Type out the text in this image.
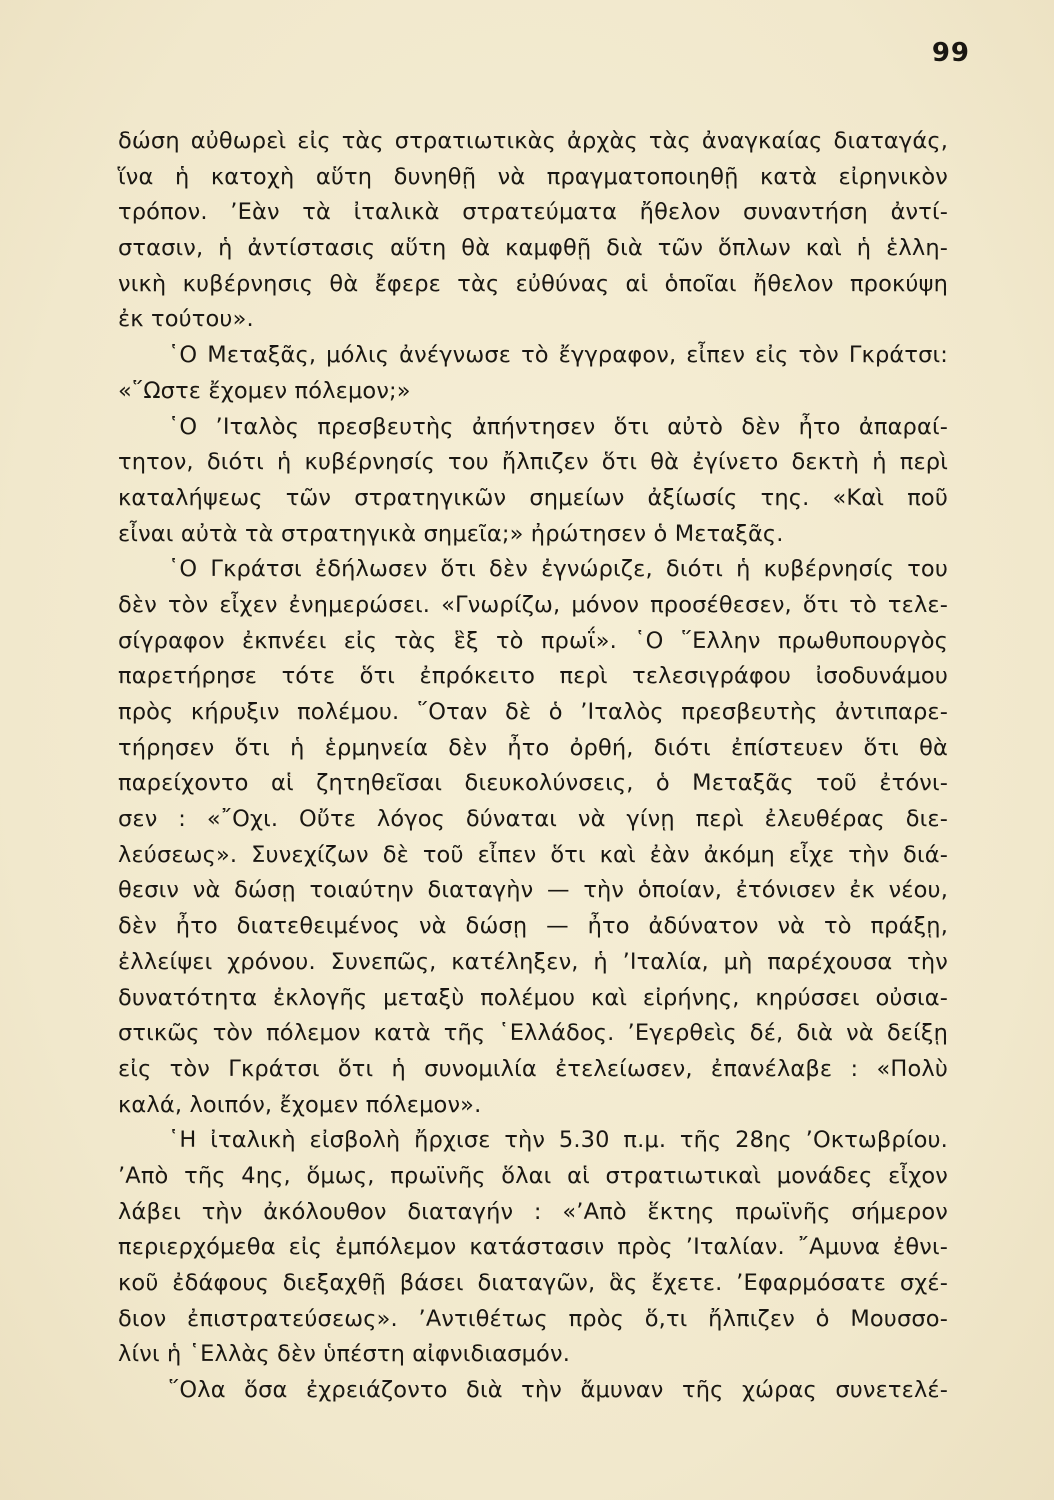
99
δώση αὐθωρεὶ εἰς τὰς στρατιωτικὰς ἀρχὰς τὰς ἀναγκαίας διαταγάς,
ἵνα ἡ κατοχὴ αὕτη δυνηθῇ νὰ πραγματοποιηθῇ κατὰ εἰρηνικὸν
τρόπον. ’Εὰν τὰ ἰταλικὰ στρατεύματα ἤθελον συναντήση ἀντί-
στασιν, ἡ ἀντίστασις αὕτη θὰ καμφθῇ διὰ τῶν ὅπλων καὶ ἡ ἑλλη-
νικὴ κυβέρνησις θὰ ἔφερε τὰς εὐθύνας αἱ ὁποῖαι ἤθελον προκύψη
ἐκ τούτου».
῾Ο Μεταξᾶς, μόλις ἀνέγνωσε τὸ ἔγγραφον, εἶπεν εἰς τὸν Γκράτσι:
«῞Ωστε ἔχομεν πόλεμον;»
῾Ο ’Ιταλὸς πρεσβευτὴς ἀπήντησεν ὅτι αὐτὸ δὲν ἦτο ἀπαραί-
τητον, διότι ἡ κυβέρνησίς του ἤλπιζεν ὅτι θὰ ἐγίνετο δεκτὴ ἡ περὶ
καταλήψεως τῶν στρατηγικῶν σημείων ἀξίωσίς της. «Καὶ ποῦ
εἶναι αὐτὰ τὰ στρατηγικὰ σημεῖα;» ἠρώτησεν ὁ Μεταξᾶς.
῾Ο Γκράτσι ἐδήλωσεν ὅτι δὲν ἐγνώριζε, διότι ἡ κυβέρνησίς του
δὲν τὸν εἶχεν ἐνημερώσει. «Γνωρίζω, μόνον προσέθεσεν, ὅτι τὸ τελε-
σίγραφον ἐκπνέει εἰς τὰς ἓξ τὸ πρωΐ». ῾Ο ῞Ελλην πρωθυπουργὸς
παρετήρησε τότε ὅτι ἐπρόκειτο περὶ τελεσιγράφου ἰσοδυνάμου
πρὸς κήρυξιν πολέμου. ῞Οταν δὲ ὁ ’Ιταλὸς πρεσβευτὴς ἀντιπαρε-
τήρησεν ὅτι ἡ ἑρμηνεία δὲν ἦτο ὀρθή, διότι ἐπίστευεν ὅτι θὰ
παρείχοντο αἱ ζητηθεῖσαι διευκολύνσεις, ὁ Μεταξᾶς τοῦ ἐτόνι-
σεν : «῎Οχι. Οὔτε λόγος δύναται νὰ γίνῃ περὶ ἐλευθέρας διε-
λεύσεως». Συνεχίζων δὲ τοῦ εἶπεν ὅτι καὶ ἐὰν ἀκόμη εἶχε τὴν διά-
θεσιν νὰ δώσῃ τοιαύτην διαταγὴν — τὴν ὁποίαν, ἐτόνισεν ἐκ νέου,
δὲν ἦτο διατεθειμένος νὰ δώσῃ — ἦτο ἀδύνατον νὰ τὸ πράξῃ,
ἐλλείψει χρόνου. Συνεπῶς, κατέληξεν, ἡ ’Ιταλία, μὴ παρέχουσα τὴν
δυνατότητα ἐκλογῆς μεταξὺ πολέμου καὶ εἰρήνης, κηρύσσει οὐσια-
στικῶς τὸν πόλεμον κατὰ τῆς ῾Ελλάδος. ’Εγερθεὶς δέ, διὰ νὰ δείξῃ
εἰς τὸν Γκράτσι ὅτι ἡ συνομιλία ἐτελείωσεν, ἐπανέλαβε : «Πολὺ
καλά, λοιπόν, ἔχομεν πόλεμον».
῾Η ἰταλικὴ εἰσβολὴ ἤρχισε τὴν 5.30 π.μ. τῆς 28ης ’Οκτωβρίου.
’Απὸ τῆς 4ης, ὅμως, πρωϊνῆς ὅλαι αἱ στρατιωτικαὶ μονάδες εἶχον
λάβει τὴν ἀκόλουθον διαταγήν : «’Απὸ ἕκτης πρωϊνῆς σήμερον
περιερχόμεθα εἰς ἐμπόλεμον κατάστασιν πρὸς ’Ιταλίαν. ῎Αμυνα ἐθνι-
κοῦ ἐδάφους διεξαχθῇ βάσει διαταγῶν, ἃς ἔχετε. ’Εφαρμόσατε σχέ-
διον ἐπιστρατεύσεως». ’Αντιθέτως πρὸς ὅ,τι ἤλπιζεν ὁ Μουσσο-
λίνι ἡ ῾Ελλὰς δὲν ὑπέστη αἰφνιδιασμόν.
῞Ολα ὅσα ἐχρειάζοντο διὰ τὴν ἄμυναν τῆς χώρας συνετελέ-
